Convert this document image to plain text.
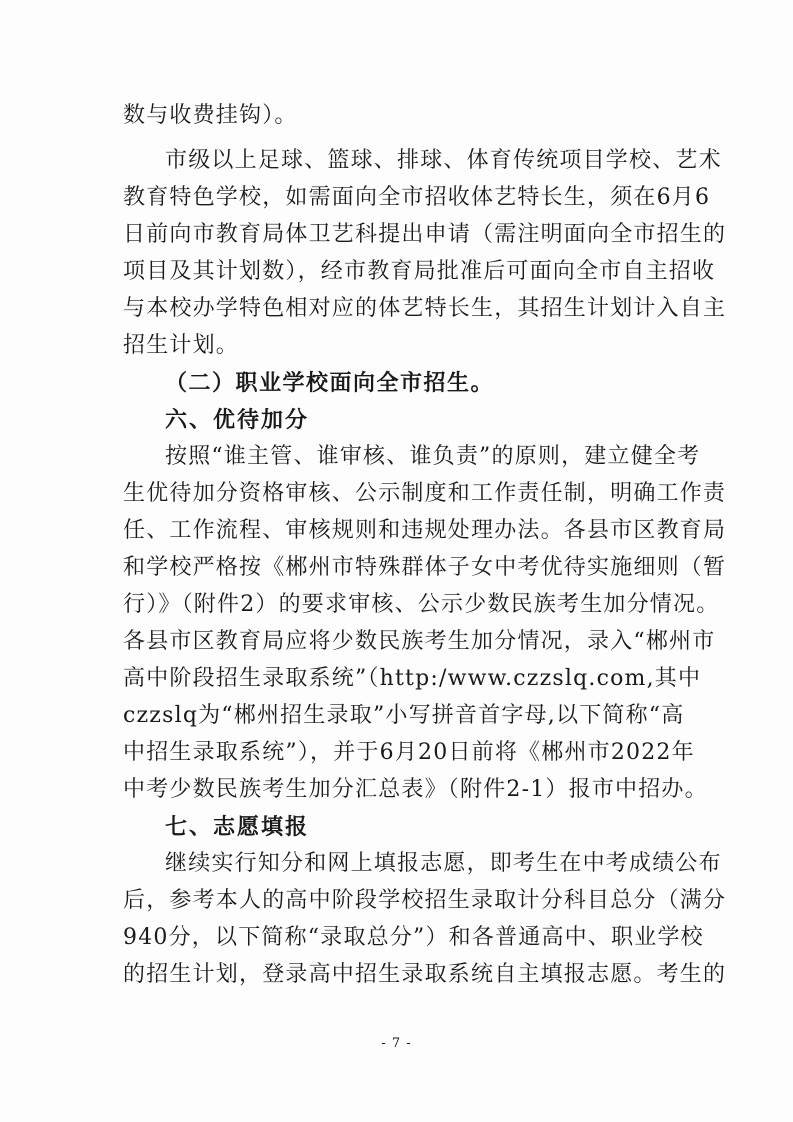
数与收费挂钩）。
市级以上足球、篮球、排球、体育传统项目学校、艺术
教育特色学校，如需面向全市招收体艺特长生，须在6月6
日前向市教育局体卫艺科提出申请（需注明面向全市招生的
项目及其计划数），经市教育局批准后可面向全市自主招收
与本校办学特色相对应的体艺特长生，其招生计划计入自主
招生计划。
（二）职业学校面向全市招生。
六、优待加分
按照“谁主管、谁审核、谁负责”的原则，建立健全考
生优待加分资格审核、公示制度和工作责任制，明确工作责
任、工作流程、审核规则和违规处理办法。各县市区教育局
和学校严格按《郴州市特殊群体子女中考优待实施细则（暂
行）》（附件2）的要求审核、公示少数民族考生加分情况。
各县市区教育局应将少数民族考生加分情况，录入“郴州市
高中阶段招生录取系统”（http:/www.czzslq.com,其中
czzslq为“郴州招生录取”小写拼音首字母,以下简称“高
中招生录取系统”），并于6月20日前将《郴州市2022年
中考少数民族考生加分汇总表》（附件2-1）报市中招办。
七、志愿填报
继续实行知分和网上填报志愿，即考生在中考成绩公布
后，参考本人的高中阶段学校招生录取计分科目总分（满分
940分，以下简称“录取总分”）和各普通高中、职业学校
的招生计划，登录高中招生录取系统自主填报志愿。考生的
- 7 -
